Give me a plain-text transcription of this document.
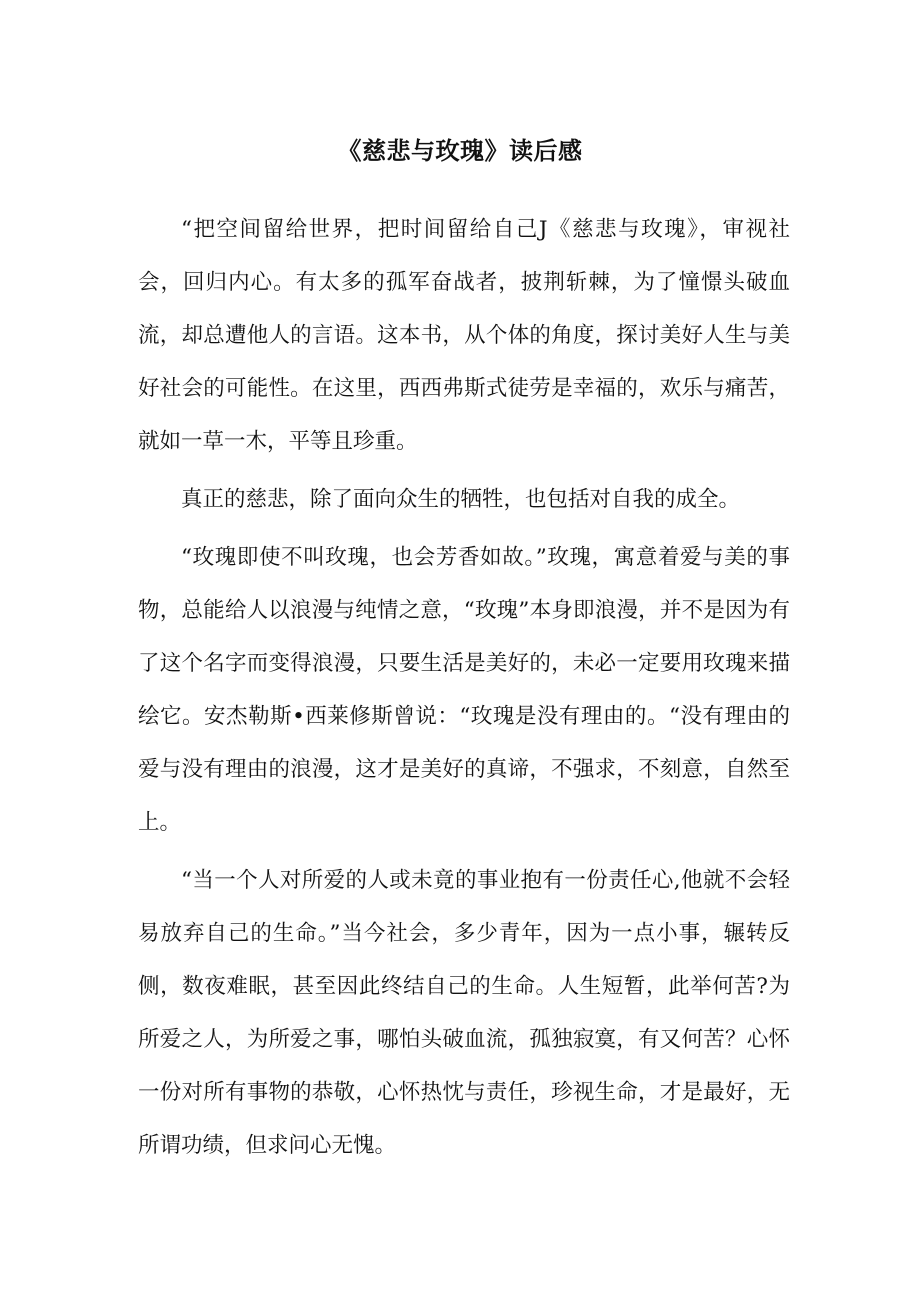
《慈悲与玫瑰》读后感

“把空间留给世界，把时间留给自己J《慈悲与玫瑰》，审视社会，回归内心。有太多的孤军奋战者，披荆斩棘，为了憧憬头破血流，却总遭他人的言语。这本书，从个体的角度，探讨美好人生与美好社会的可能性。在这里，西西弗斯式徒劳是幸福的，欢乐与痛苦，就如一草一木，平等且珍重。

真正的慈悲，除了面向众生的牺牲，也包括对自我的成全。

“玫瑰即使不叫玫瑰，也会芳香如故。”玫瑰，寓意着爱与美的事物，总能给人以浪漫与纯情之意，“玫瑰”本身即浪漫，并不是因为有了这个名字而变得浪漫，只要生活是美好的，未必一定要用玫瑰来描绘它。安杰勒斯•西莱修斯曾说：“玫瑰是没有理由的。“没有理由的爱与没有理由的浪漫，这才是美好的真谛，不强求，不刻意，自然至上。

“当一个人对所爱的人或未竟的事业抱有一份责任心,他就不会轻易放弃自己的生命。”当今社会，多少青年，因为一点小事，辗转反侧，数夜难眠，甚至因此终结自己的生命。人生短暂，此举何苦?为所爱之人，为所爱之事，哪怕头破血流，孤独寂寞，有又何苦？心怀一份对所有事物的恭敬，心怀热忱与责任，珍视生命，才是最好，无所谓功绩，但求问心无愧。
